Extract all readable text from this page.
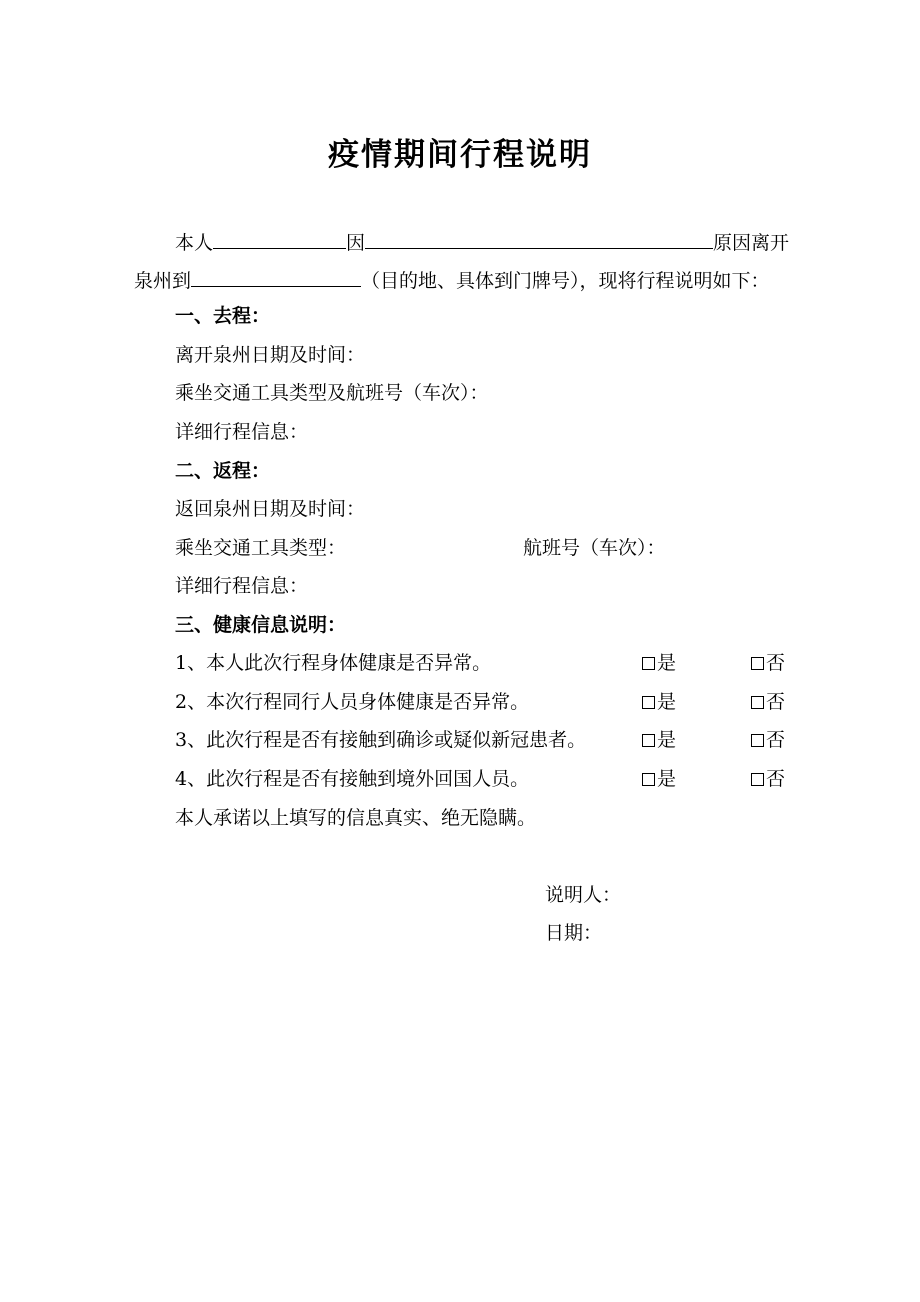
疫情期间行程说明
本人	因	原因离开
泉州到	（目的地、具体到门牌号），现将行程说明如下：
一、去程：
离开泉州日期及时间：
乘坐交通工具类型及航班号（车次）：
详细行程信息：
二、返程：
返回泉州日期及时间：
乘坐交通工具类型：	航班号（车次）：
详细行程信息：
三、健康信息说明：
1、本人此次行程身体健康是否异常。	是	否
2、本次行程同行人员身体健康是否异常。	是	否
3、此次行程是否有接触到确诊或疑似新冠患者。	是	否
4、此次行程是否有接触到境外回国人员。	是	否
本人承诺以上填写的信息真实、绝无隐瞒。
说明人：
日期：
